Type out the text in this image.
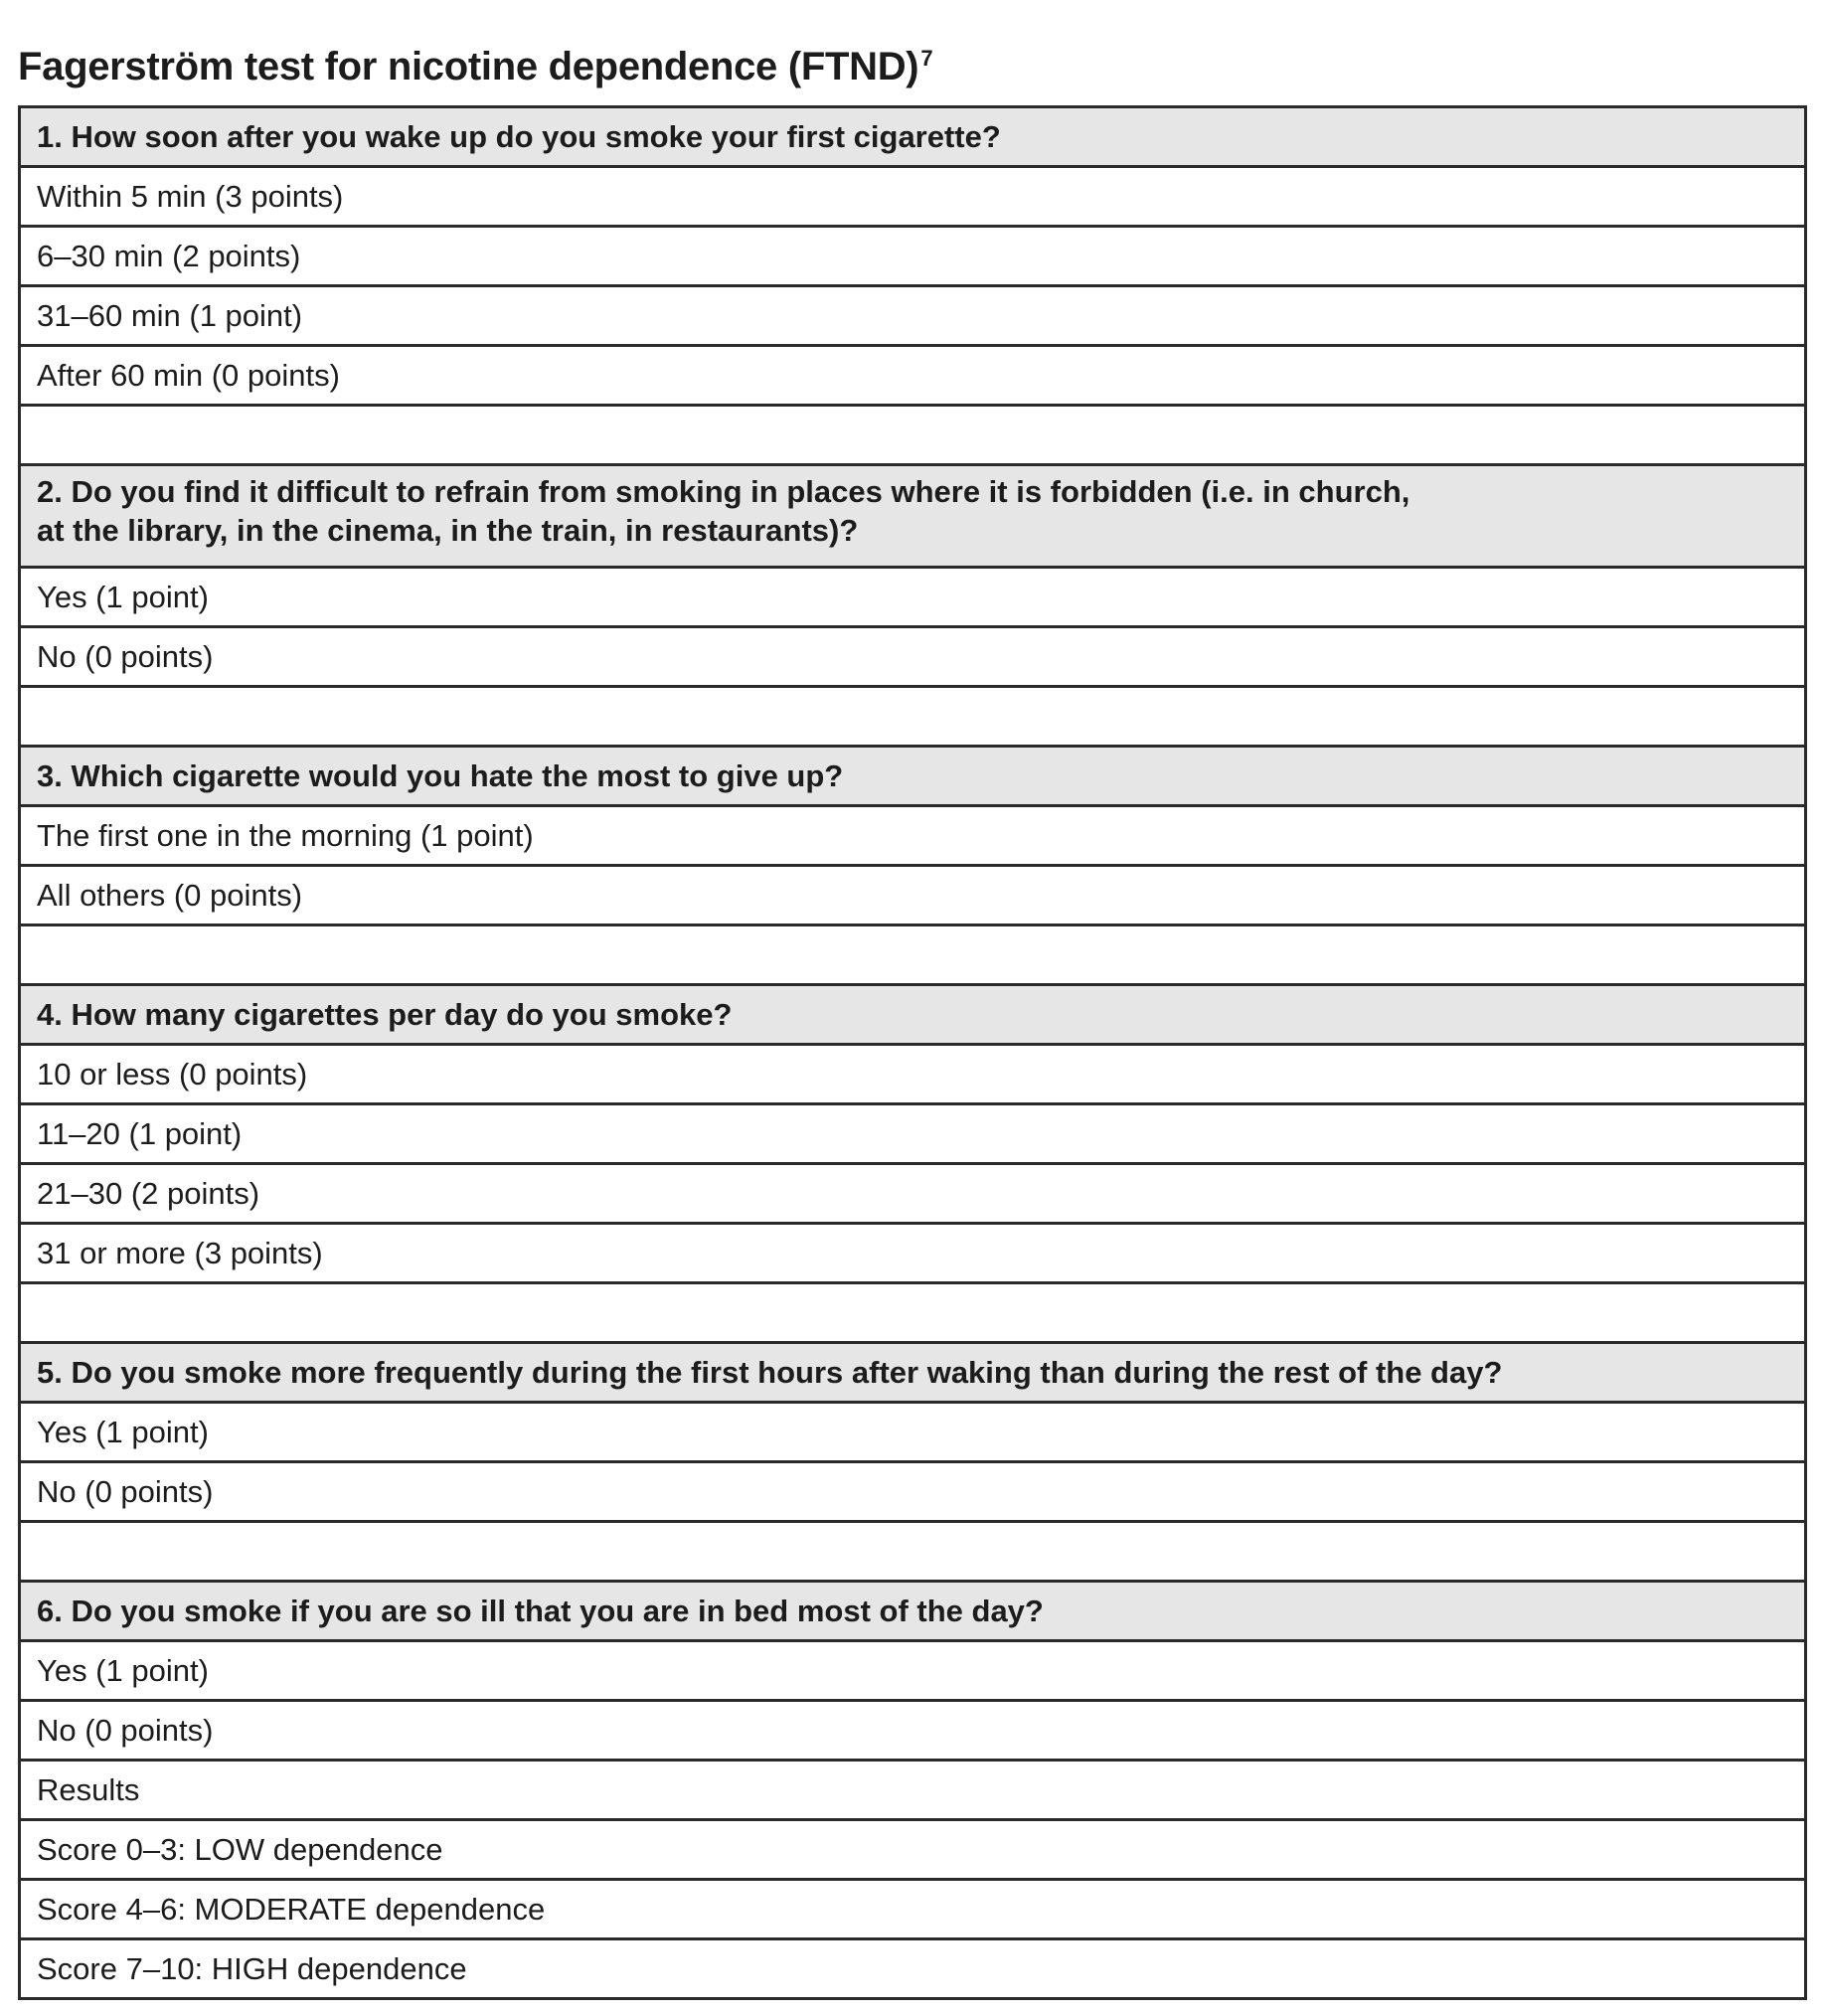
Fagerström test for nicotine dependence (FTND)$^7$
1. How soon after you wake up do you smoke your first cigarette?
Within 5 min (3 points)
6–30 min (2 points)
31–60 min (1 point)
After 60 min (0 points)
2. Do you find it difficult to refrain from smoking in places where it is forbidden (i.e. in church,
at the library, in the cinema, in the train, in restaurants)?
Yes (1 point)
No (0 points)
3. Which cigarette would you hate the most to give up?
The first one in the morning (1 point)
All others (0 points)
4. How many cigarettes per day do you smoke?
10 or less (0 points)
11–20 (1 point)
21–30 (2 points)
31 or more (3 points)
5. Do you smoke more frequently during the first hours after waking than during the rest of the day?
Yes (1 point)
No (0 points)
6. Do you smoke if you are so ill that you are in bed most of the day?
Yes (1 point)
No (0 points)
Results
Score 0–3: LOW dependence
Score 4–6: MODERATE dependence
Score 7–10: HIGH dependence
